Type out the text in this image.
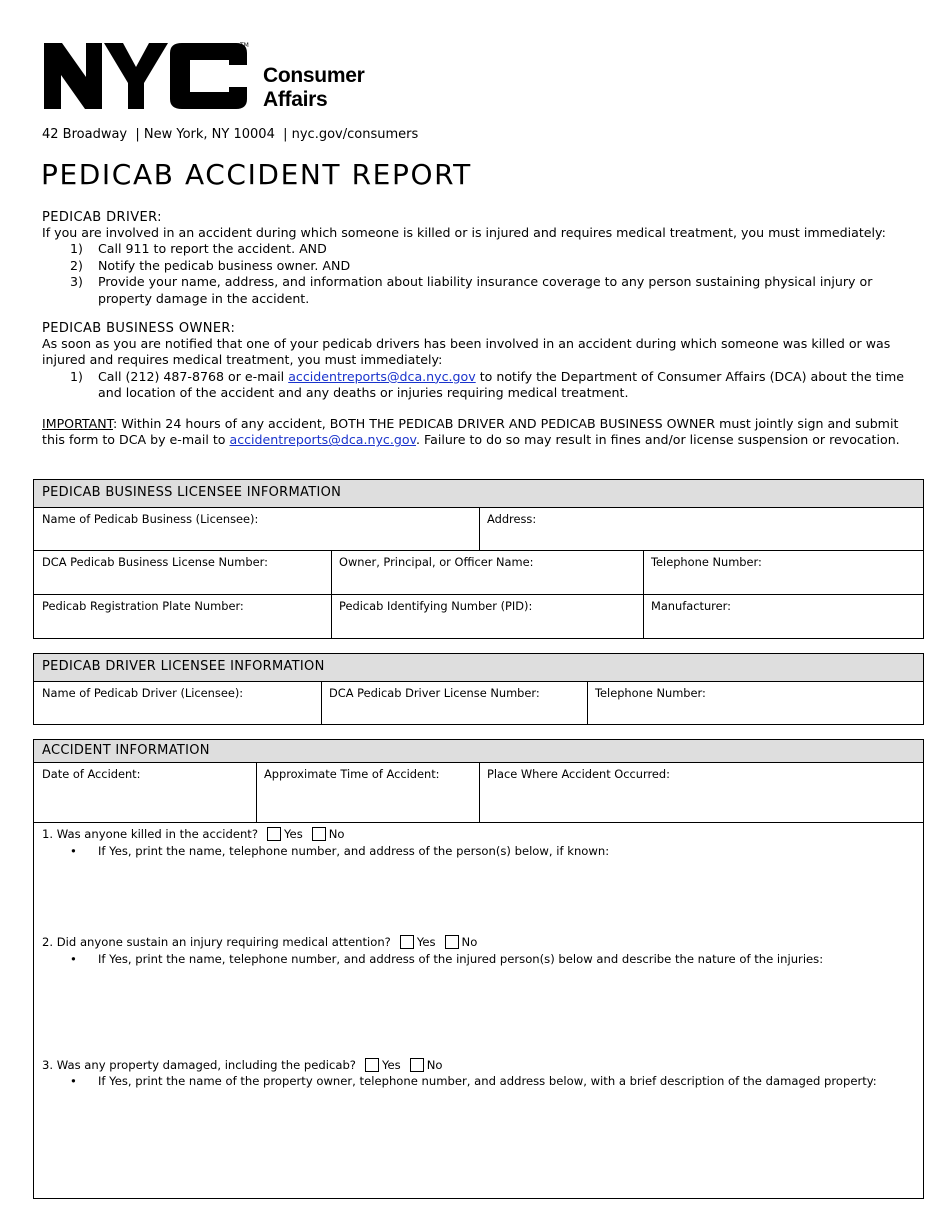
TM
Consumer
Affairs
42 Broadway  | New York, NY 10004  | nyc.gov/consumers
PEDICAB ACCIDENT REPORT
PEDICAB DRIVER:
If you are involved in an accident during which someone is killed or is injured and requires medical treatment, you must immediately:
1) Call 911 to report the accident. AND
2) Notify the pedicab business owner. AND
3) Provide your name, address, and information about liability insurance coverage to any person sustaining physical injury or property damage in the accident.
PEDICAB BUSINESS OWNER:
As soon as you are notified that one of your pedicab drivers has been involved in an accident during which someone was killed or was injured and requires medical treatment, you must immediately:
1) Call (212) 487-8768 or e-mail accidentreports@dca.nyc.gov to notify the Department of Consumer Affairs (DCA) about the time and location of the accident and any deaths or injuries requiring medical treatment.
IMPORTANT: Within 24 hours of any accident, BOTH THE PEDICAB DRIVER AND PEDICAB BUSINESS OWNER must jointly sign and submit this form to DCA by e-mail to accidentreports@dca.nyc.gov. Failure to do so may result in fines and/or license suspension or revocation.
PEDICAB BUSINESS LICENSEE INFORMATION
Name of Pedicab Business (Licensee):	Address:
DCA Pedicab Business License Number:	Owner, Principal, or Officer Name:	Telephone Number:
Pedicab Registration Plate Number:	Pedicab Identifying Number (PID):	Manufacturer:
PEDICAB DRIVER LICENSEE INFORMATION
Name of Pedicab Driver (Licensee):	DCA Pedicab Driver License Number:	Telephone Number:
ACCIDENT INFORMATION
Date of Accident:	Approximate Time of Accident:	Place Where Accident Occurred:
1. Was anyone killed in the accident? Yes No
• If Yes, print the name, telephone number, and address of the person(s) below, if known:
2. Did anyone sustain an injury requiring medical attention? Yes No
• If Yes, print the name, telephone number, and address of the injured person(s) below and describe the nature of the injuries:
3. Was any property damaged, including the pedicab? Yes No
• If Yes, print the name of the property owner, telephone number, and address below, with a brief description of the damaged property:
